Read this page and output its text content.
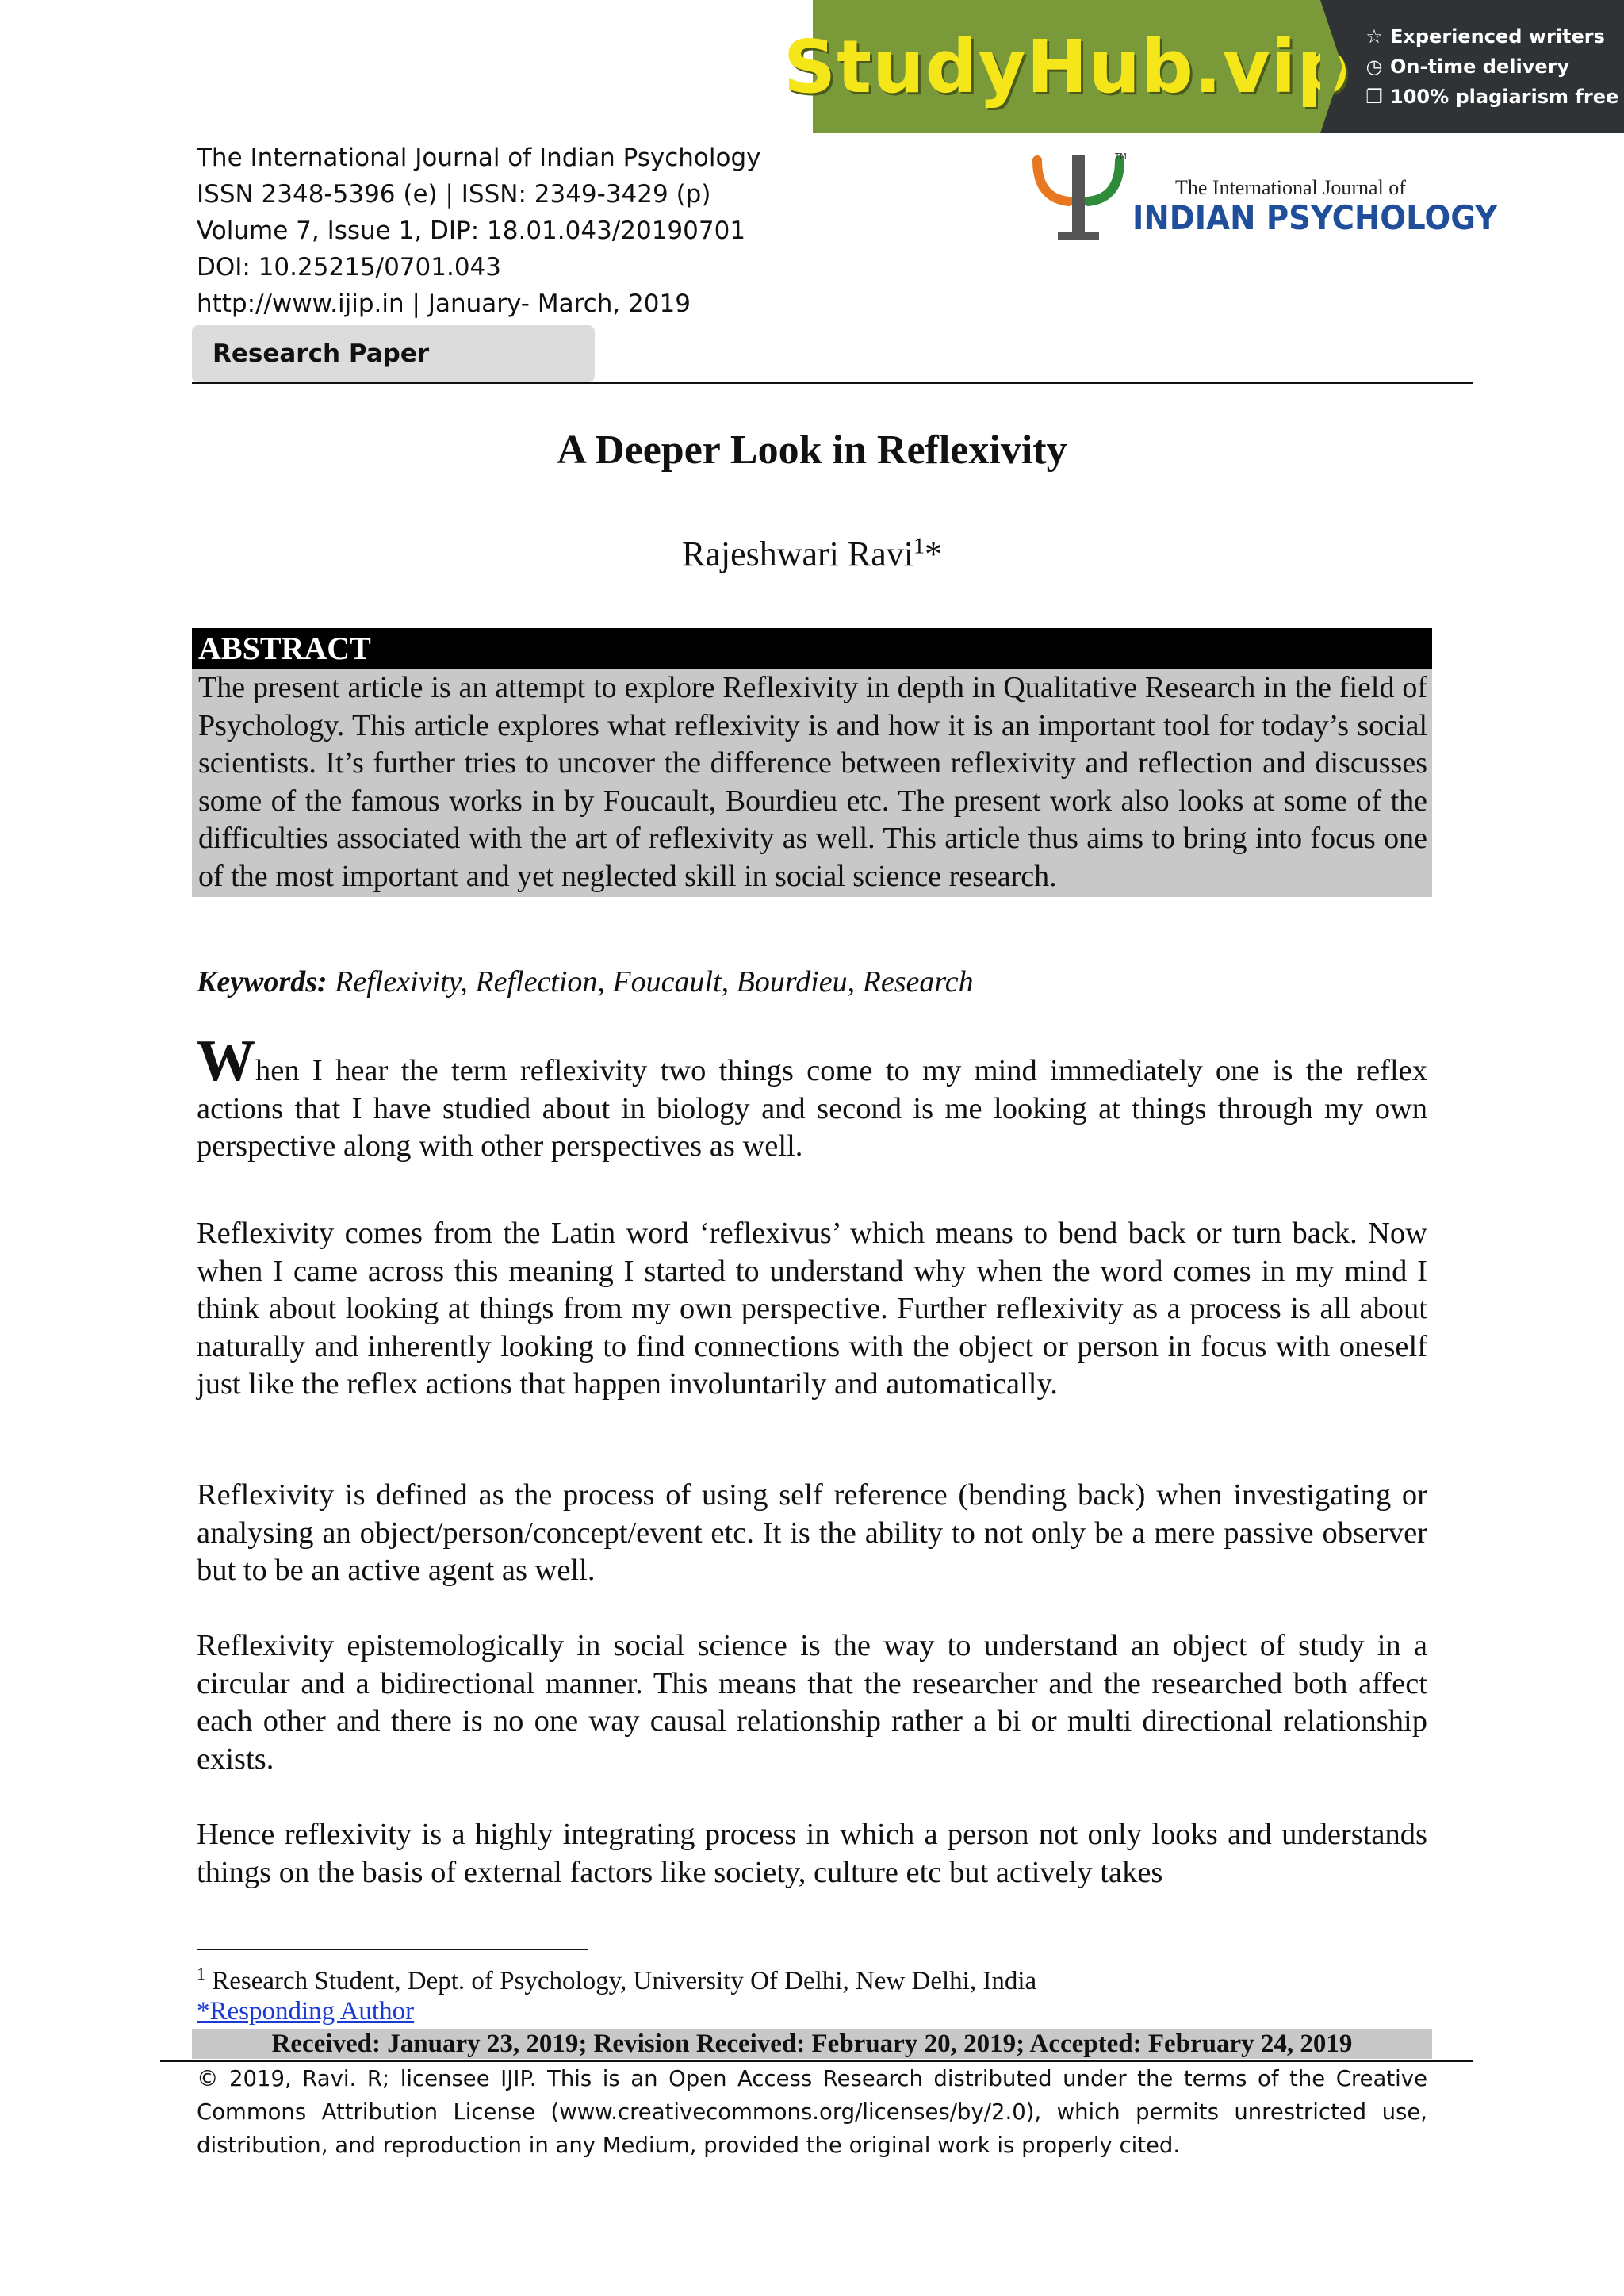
StudyHub.vip ☆ Experienced writers
◷ On-time delivery
❐ 100% plagiarism free
The International Journal of Indian Psychology
ISSN 2348-5396 (e) | ISSN: 2349-3429 (p)
Volume 7, Issue 1, DIP: 18.01.043/20190701
DOI: 10.25215/0701.043
http://www.ijip.in | January- March, 2019
TM
The International Journal of
INDIAN PSYCHOLOGY
Research Paper
A Deeper Look in Reflexivity
Rajeshwari Ravi$^1$*
ABSTRACT
The present article is an attempt to explore Reflexivity in depth in Qualitative Research in the field of Psychology. This article explores what reflexivity is and how it is an important tool for today’s social scientists. It’s further tries to uncover the difference between reflexivity and reflection and discusses some of the famous works in by Foucault, Bourdieu etc. The present work also looks at some of the difficulties associated with the art of reflexivity as well. This article thus aims to bring into focus one of the most important and yet neglected skill in social science research.
Keywords: Reflexivity, Reflection, Foucault, Bourdieu, Research
When I hear the term reflexivity two things come to my mind immediately one is the reflex actions that I have studied about in biology and second is me looking at things through my own perspective along with other perspectives as well.
Reflexivity comes from the Latin word ‘reflexivus’ which means to bend back or turn back. Now when I came across this meaning I started to understand why when the word comes in my mind I think about looking at things from my own perspective. Further reflexivity as a process is all about naturally and inherently looking to find connections with the object or person in focus with oneself just like the reflex actions that happen involuntarily and automatically.
Reflexivity is defined as the process of using self reference (bending back) when investigating or analysing an object/person/concept/event etc. It is the ability to not only be a mere passive observer but to be an active agent as well.
Reflexivity epistemologically in social science is the way to understand an object of study in a circular and a bidirectional manner. This means that the researcher and the researched both affect each other and there is no one way causal relationship rather a bi or multi directional relationship exists.
Hence reflexivity is a highly integrating process in which a person not only looks and understands things on the basis of external factors like society, culture etc but actively takes
$^1$ Research Student, Dept. of Psychology, University Of Delhi, New Delhi, India
*Responding Author
Received: January 23, 2019; Revision Received: February 20, 2019; Accepted: February 24, 2019
© 2019, Ravi. R; licensee IJIP. This is an Open Access Research distributed under the terms of the Creative Commons Attribution License (www.creativecommons.org/licenses/by/2.0), which permits unrestricted use, distribution, and reproduction in any Medium, provided the original work is properly cited.
